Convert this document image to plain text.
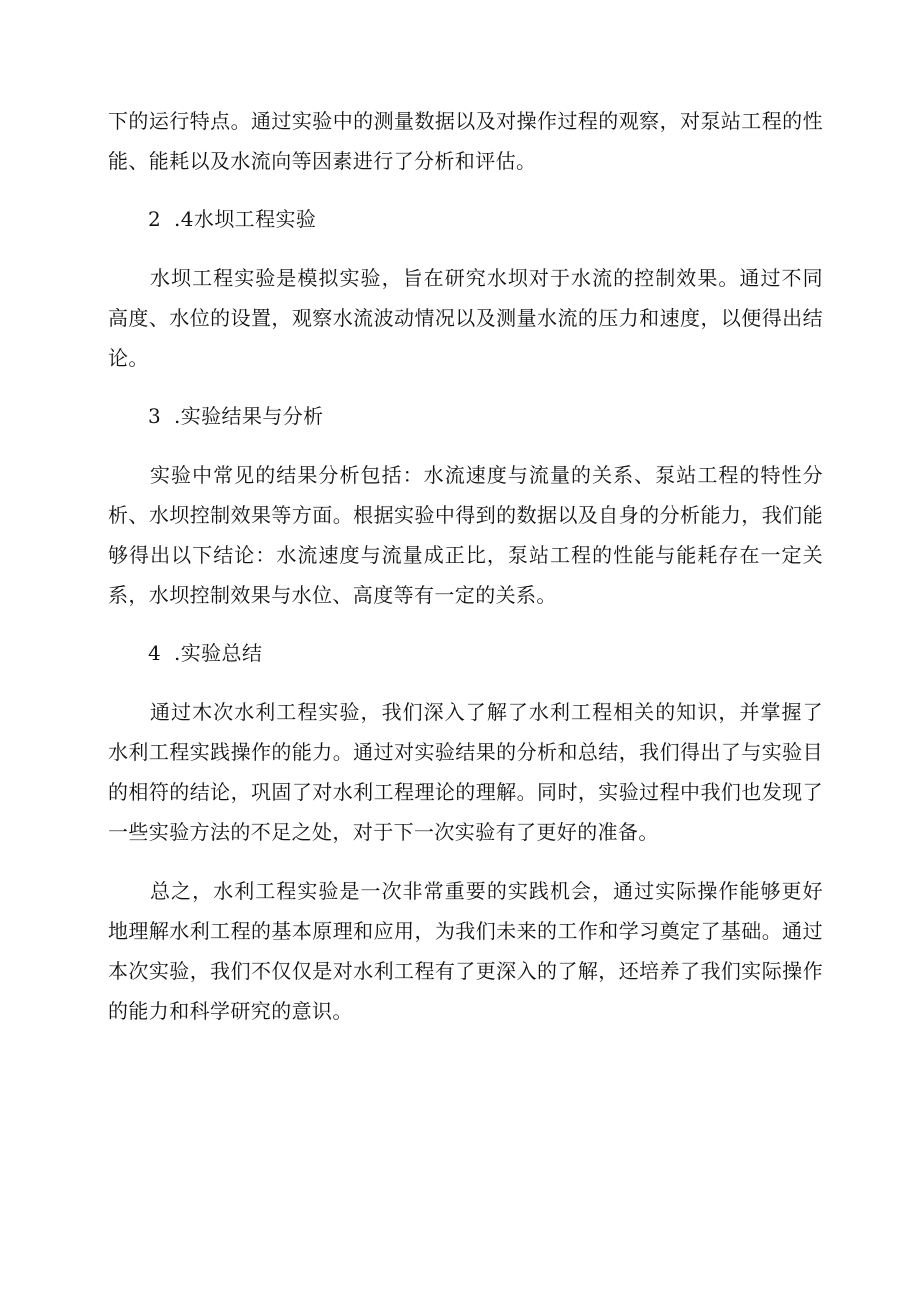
下的运行特点。通过实验中的测量数据以及对操作过程的观察，对泵站工程的性能、能耗以及水流向等因素进行了分析和评估。

2 .4水坝工程实验

水坝工程实验是模拟实验，旨在研究水坝对于水流的控制效果。通过不同高度、水位的设置，观察水流波动情况以及测量水流的压力和速度，以便得出结论。

3 .实验结果与分析

实验中常见的结果分析包括：水流速度与流量的关系、泵站工程的特性分析、水坝控制效果等方面。根据实验中得到的数据以及自身的分析能力，我们能够得出以下结论：水流速度与流量成正比，泵站工程的性能与能耗存在一定关系，水坝控制效果与水位、高度等有一定的关系。

4 .实验总结

通过木次水利工程实验，我们深入了解了水利工程相关的知识，并掌握了水利工程实践操作的能力。通过对实验结果的分析和总结，我们得出了与实验目的相符的结论，巩固了对水利工程理论的理解。同时，实验过程中我们也发现了一些实验方法的不足之处，对于下一次实验有了更好的准备。

总之，水利工程实验是一次非常重要的实践机会，通过实际操作能够更好地理解水利工程的基本原理和应用，为我们未来的工作和学习奠定了基础。通过本次实验，我们不仅仅是对水利工程有了更深入的了解，还培养了我们实际操作的能力和科学研究的意识。
